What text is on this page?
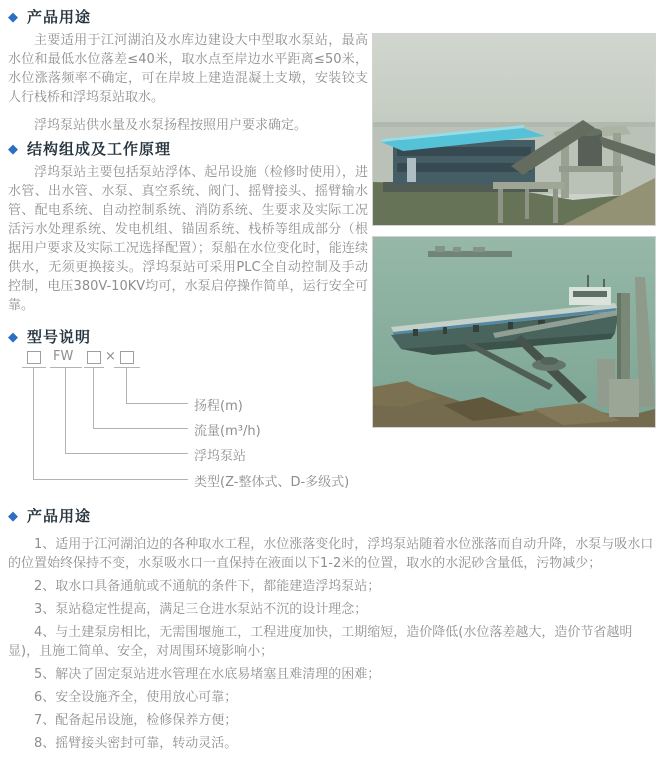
◆ 产品用途

主要适用于江河湖泊及水库边建设大中型取水泵站，最高水位和最低水位落差≤40米，取水点至岸边水平距离≤50米，水位涨落频率不确定，可在岸坡上建造混凝土支墩，安装铰支人行栈桥和浮坞泵站取水。

浮坞泵站供水量及水泵扬程按照用户要求确定。

◆ 结构组成及工作原理

浮坞泵站主要包括泵站浮体、起吊设施（检修时使用），进水管、出水管、水泵、真空系统、阀门、摇臂接头、摇臂输水管、配电系统、自动控制系统、消防系统、生要求及实际工况活污水处理系统、发电机组、锚固系统、栈桥等组成部分（根据用户要求及实际工况选择配置）；泵船在水位变化时，能连续供水，无须更换接头。浮坞泵站可采用PLC全自动控制及手动控制，电压380V-10KV均可，水泵启停操作简单，运行安全可靠。

◆ 型号说明
FW ×
扬程(m)
流量(m³/h)
浮坞泵站
类型(Z-整体式、D-多级式)
◆ 产品用途

1、适用于江河湖泊边的各种取水工程，水位涨落变化时，浮坞泵站随着水位涨落而自动升降，水泵与吸水口的位置始终保持不变，水泵吸水口一直保持在液面以下1-2米的位置，取水的水泥砂含量低，污物减少；

2、取水口具备通航或不通航的条件下，都能建造浮坞泵站；

3、泵站稳定性提高，满足三仓进水泵站不沉的设计理念；

4、与土建泵房相比，无需围堰施工，工程进度加快，工期缩短，造价降低(水位落差越大，造价节省越明显)，且施工简单、安全，对周围环境影响小；

5、解决了固定泵站进水管理在水底易堵塞且难清理的困难；

6、安全设施齐全，使用放心可靠；

7、配备起吊设施，检修保养方便；

8、摇臂接头密封可靠，转动灵活。
